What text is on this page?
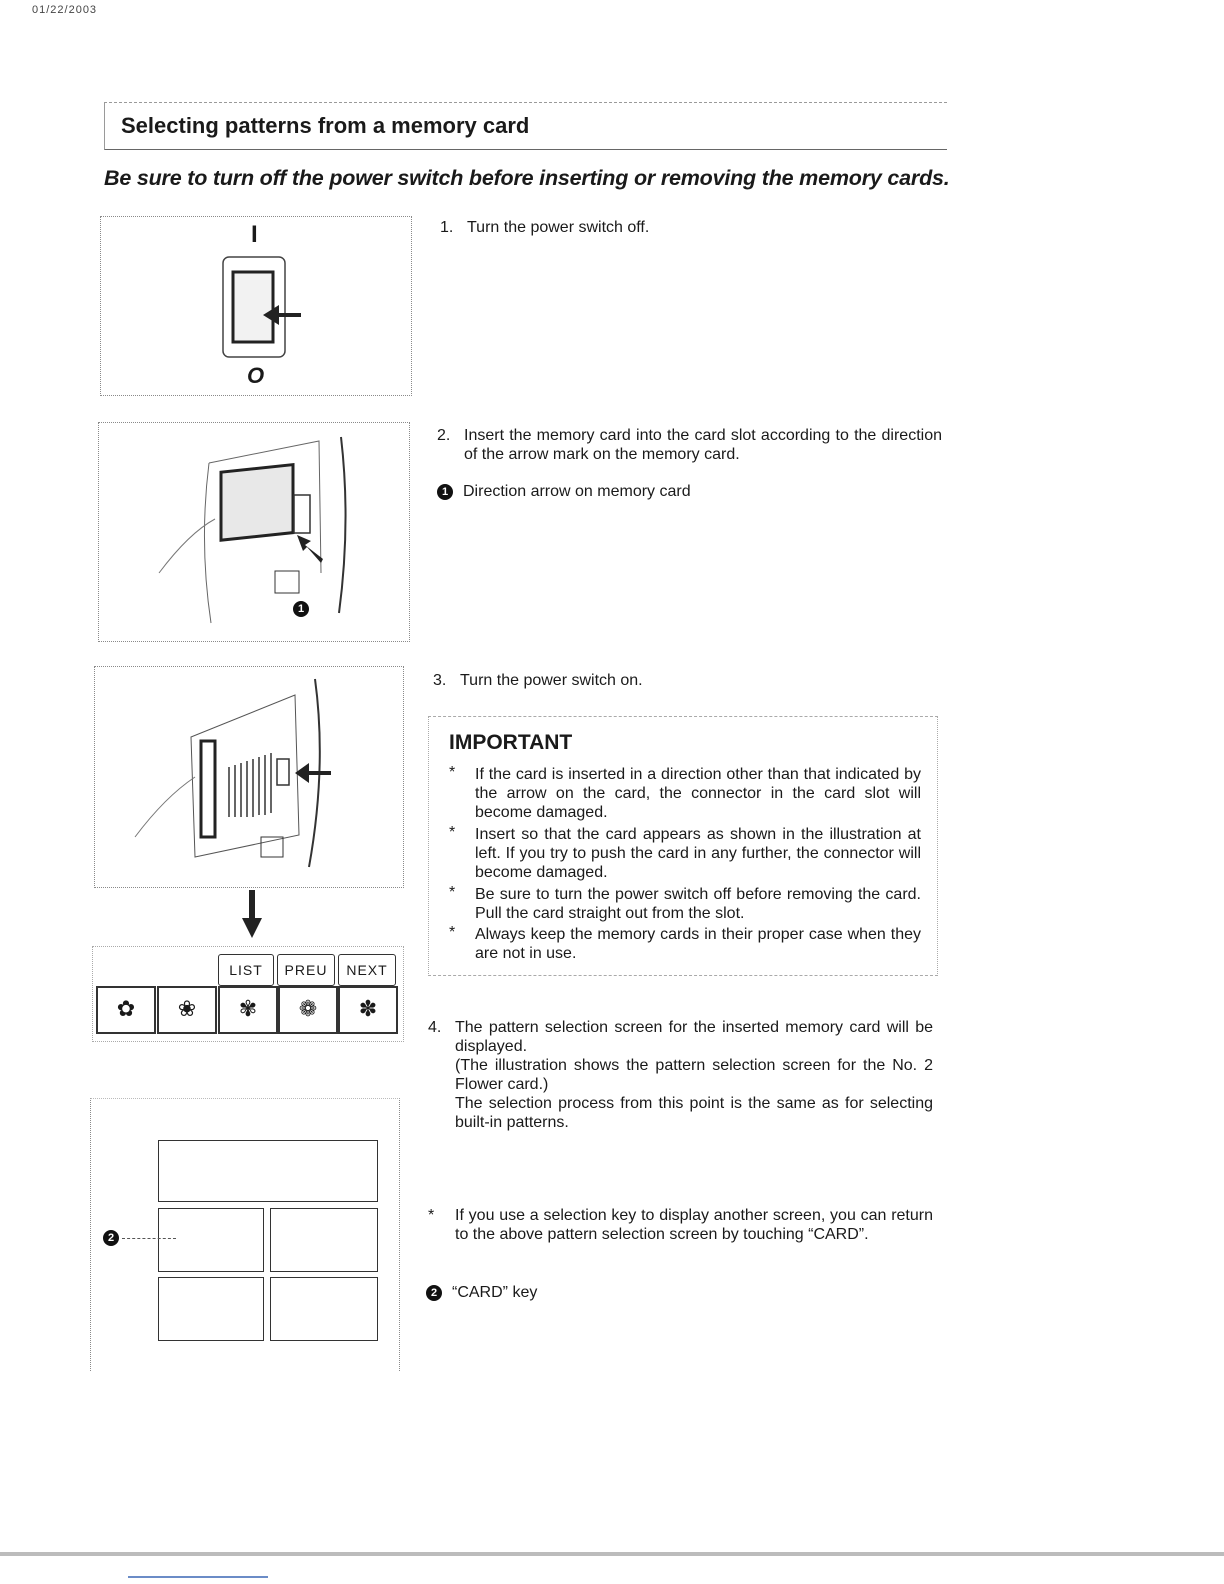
01/22/2003
Selecting patterns from a memory card
Be sure to turn off the power switch before inserting or removing the memory cards.
I
O
1. Turn the power switch off.
1
2. Insert the memory card into the card slot according to the direction of the arrow mark on the memory card.
1 Direction arrow on memory card
LIST	PREU	NEXT
✿	❀	✾	❁	✽
3. Turn the power switch on.
IMPORTANT
* If the card is inserted in a direction other than that indicated by the arrow on the card, the connector in the card slot will become damaged.
* Insert so that the card appears as shown in the illustration at left. If you try to push the card in any further, the connector will become damaged.
* Be sure to turn the power switch off before removing the card. Pull the card straight out from the slot.
* Always keep the memory cards in their proper case when they are not in use.
4. The pattern selection screen for the inserted memory card will be displayed.
(The illustration shows the pattern selection screen for the No. 2 Flower card.)
The selection process from this point is the same as for selecting built-in patterns.
2
* If you use a selection key to display another screen, you can return to the above pattern selection screen by touching “CARD”.
2 “CARD” key
